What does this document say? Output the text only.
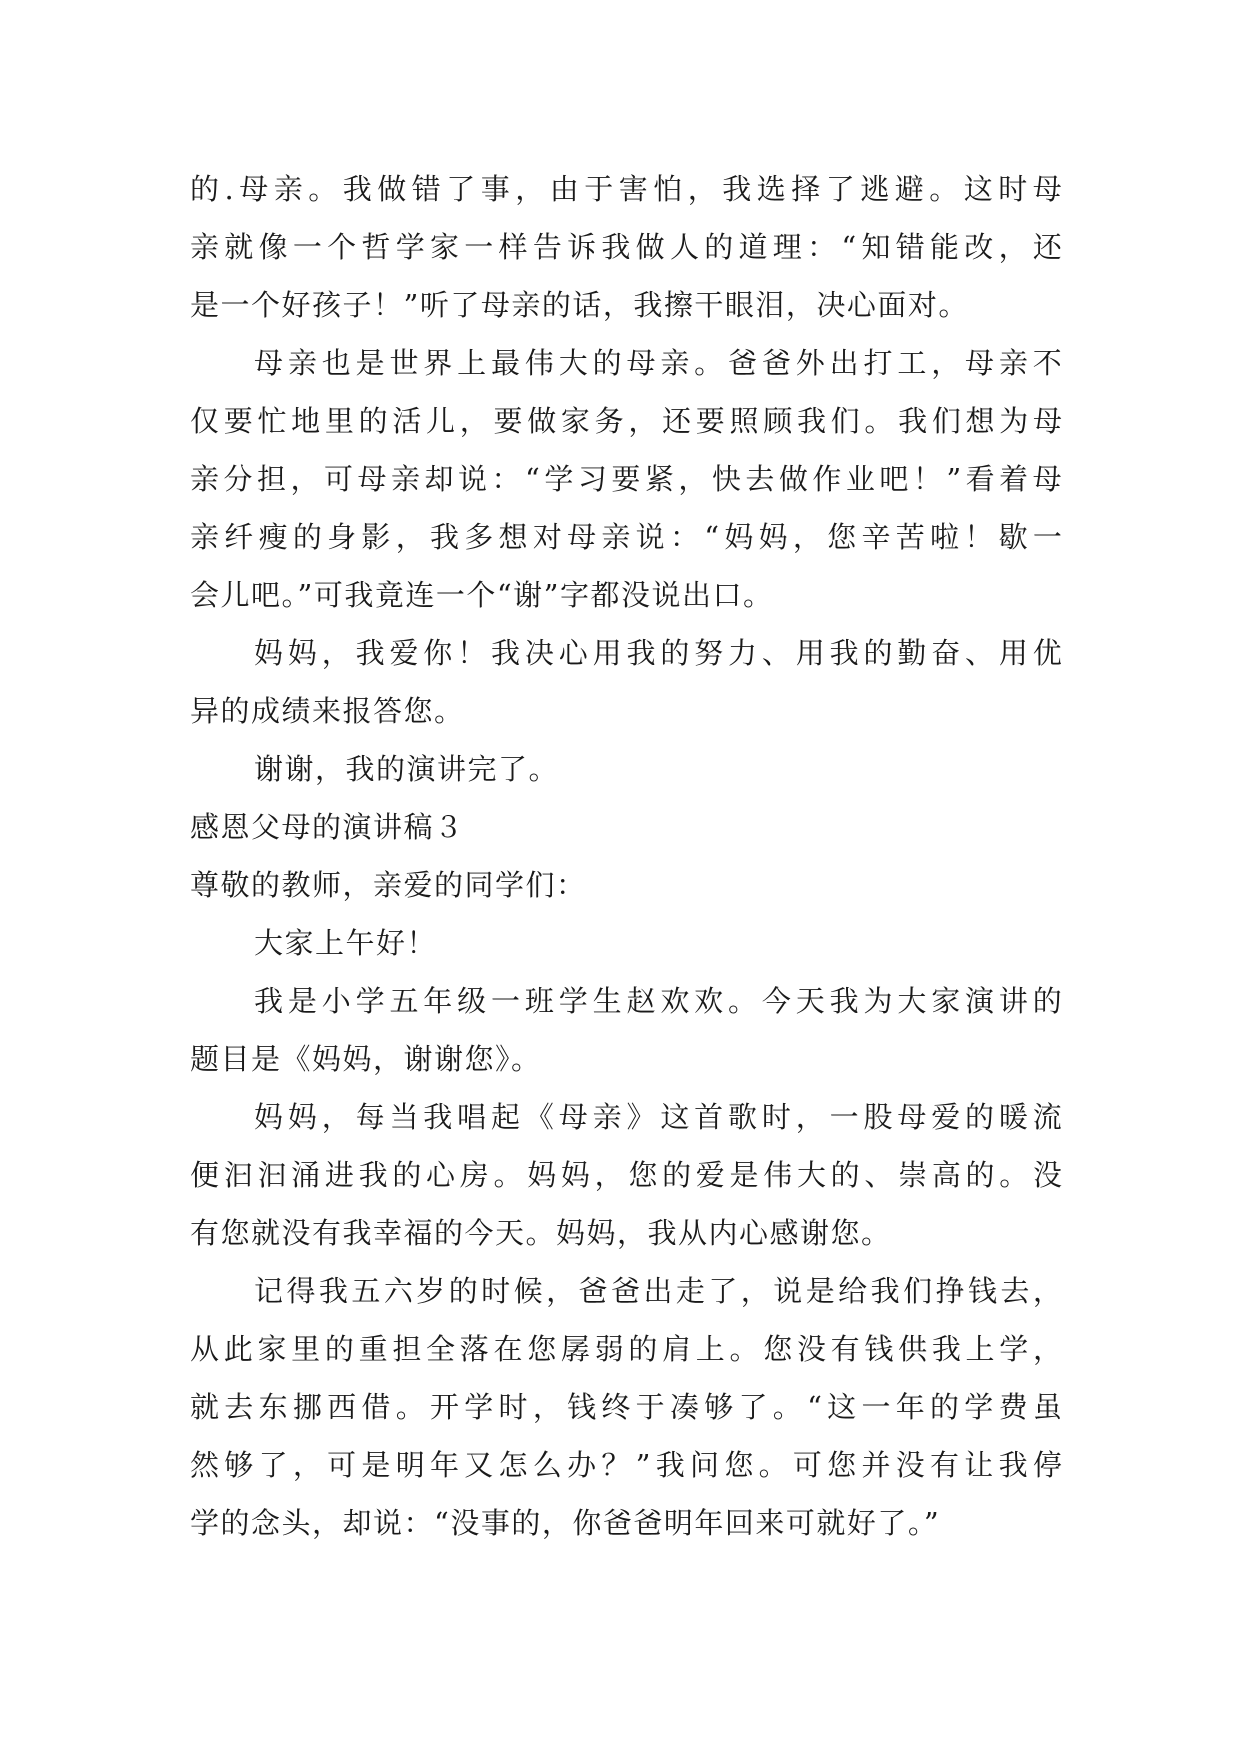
的 . 母 亲 。 我 做 错 了 事 ， 由 于 害 怕 ， 我 选 择 了 逃 避 。 这 时 母
亲 就 像 一 个 哲 学 家 一 样 告 诉 我 做 人 的 道 理 ： “ 知 错 能 改 ， 还
是一个好孩子！”听了母亲的话，我擦干眼泪，决心面对。
母 亲 也 是 世 界 上 最 伟 大 的 母 亲 。 爸 爸 外 出 打 工 ， 母 亲 不
仅 要 忙 地 里 的 活 儿 ， 要 做 家 务 ， 还 要 照 顾 我 们 。 我 们 想 为 母
亲 分 担 ， 可 母 亲 却 说 ： “ 学 习 要 紧 ， 快 去 做 作 业 吧 ！ ” 看 着 母
亲 纤 瘦 的 身 影 ， 我 多 想 对 母 亲 说 ： “ 妈 妈 ， 您 辛 苦 啦 ！ 歇 一
会儿吧。”可我竟连一个“谢”字都没说出口。
妈 妈 ， 我 爱 你 ！ 我 决 心 用 我 的 努 力 、 用 我 的 勤 奋 、 用 优
异的成绩来报答您。
谢谢，我的演讲完了。
感恩父母的演讲稿３
尊敬的教师，亲爱的同学们：
大家上午好！
我 是 小 学 五 年 级 一 班 学 生 赵 欢 欢 。 今 天 我 为 大 家 演 讲 的
题目是《妈妈，谢谢您》。
妈 妈 ， 每 当 我 唱 起 《 母 亲 》 这 首 歌 时 ， 一 股 母 爱 的 暖 流
便 汩 汩 涌 进 我 的 心 房 。 妈 妈 ， 您 的 爱 是 伟 大 的 、 崇 高 的 。 没
有您就没有我幸福的今天。妈妈，我从内心感谢您。
记 得 我 五 六 岁 的 时 候 ， 爸 爸 出 走 了 ， 说 是 给 我 们 挣 钱 去 ，
从 此 家 里 的 重 担 全 落 在 您 孱 弱 的 肩 上 。 您 没 有 钱 供 我 上 学 ，
就 去 东 挪 西 借 。 开 学 时 ， 钱 终 于 凑 够 了 。 “ 这 一 年 的 学 费 虽
然 够 了 ， 可 是 明 年 又 怎 么 办 ？ ” 我 问 您 。 可 您 并 没 有 让 我 停
学的念头，却说：“没事的，你爸爸明年回来可就好了。”
